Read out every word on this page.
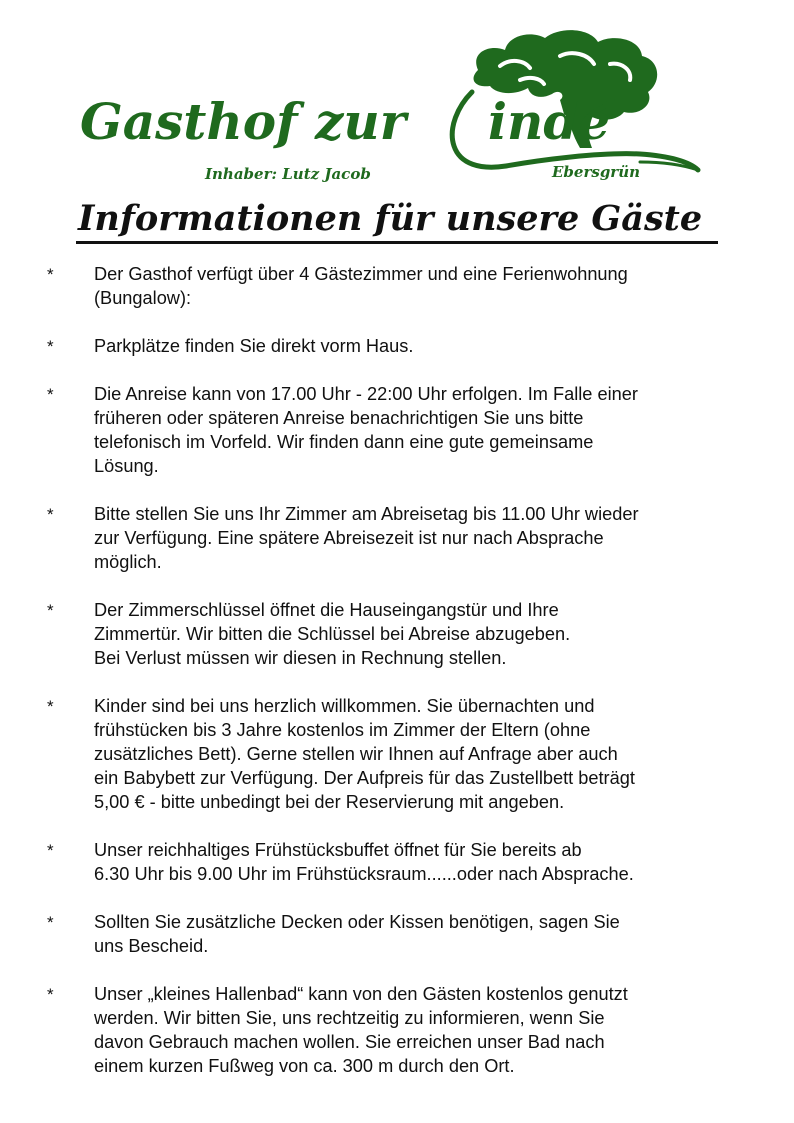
Gasthof zur inde
Inhaber: Lutz Jacob	Ebersgrün
Informationen für unsere Gäste
* Der Gasthof verfügt über 4 Gästezimmer und eine Ferienwohnung
(Bungalow):
* Parkplätze finden Sie direkt vorm Haus.
* Die Anreise kann von 17.00 Uhr - 22:00 Uhr erfolgen. Im Falle einer
früheren oder späteren Anreise benachrichtigen Sie uns bitte
telefonisch im Vorfeld. Wir finden dann eine gute gemeinsame
Lösung.
* Bitte stellen Sie uns Ihr Zimmer am Abreisetag bis 11.00 Uhr wieder
zur Verfügung. Eine spätere Abreisezeit ist nur nach Absprache
möglich.
* Der Zimmerschlüssel öffnet die Hauseingangstür und Ihre
Zimmertür. Wir bitten die Schlüssel bei Abreise abzugeben.
Bei Verlust müssen wir diesen in Rechnung stellen.
* Kinder sind bei uns herzlich willkommen. Sie übernachten und
frühstücken bis 3 Jahre kostenlos im Zimmer der Eltern (ohne
zusätzliches Bett). Gerne stellen wir Ihnen auf Anfrage aber auch
ein Babybett zur Verfügung. Der Aufpreis für das Zustellbett beträgt
5,00 € - bitte unbedingt bei der Reservierung mit angeben.
* Unser reichhaltiges Frühstücksbuffet öffnet für Sie bereits ab
6.30 Uhr bis 9.00 Uhr im Frühstücksraum......oder nach Absprache.
* Sollten Sie zusätzliche Decken oder Kissen benötigen, sagen Sie
uns Bescheid.
* Unser „kleines Hallenbad“ kann von den Gästen kostenlos genutzt
werden. Wir bitten Sie, uns rechtzeitig zu informieren, wenn Sie
davon Gebrauch machen wollen. Sie erreichen unser Bad nach
einem kurzen Fußweg von ca. 300 m durch den Ort.
